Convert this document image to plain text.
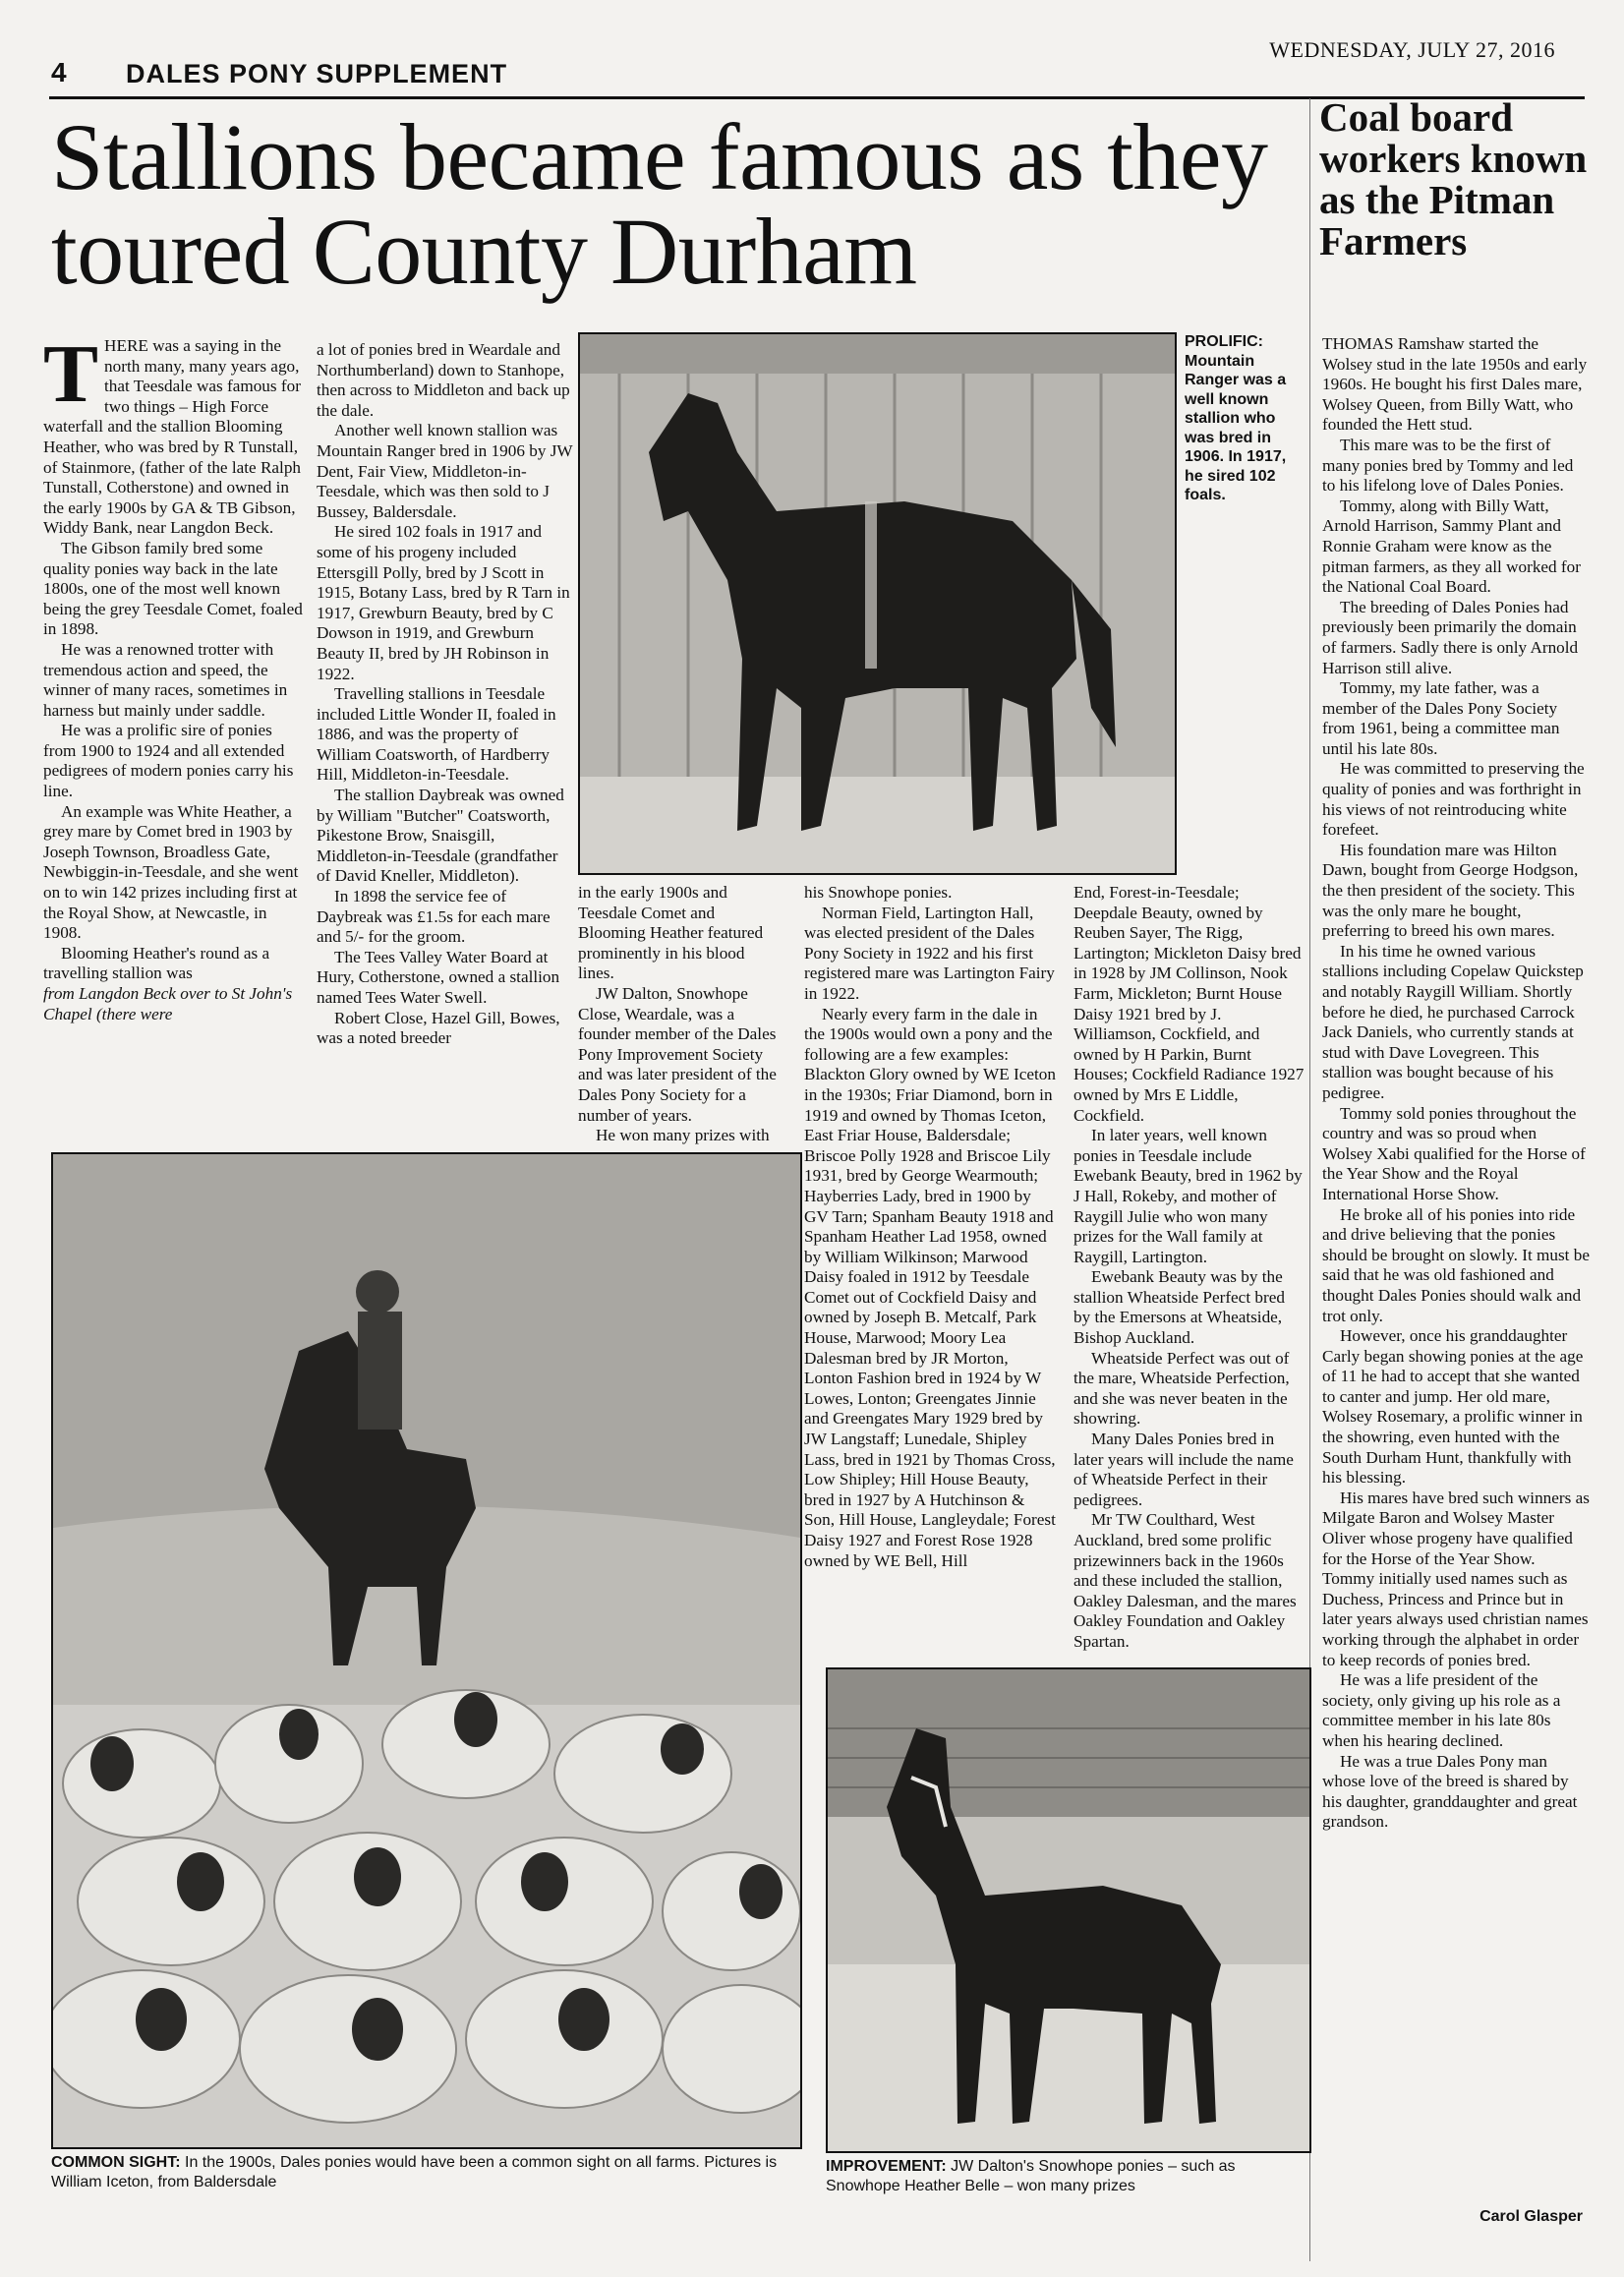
4 DALES PONY SUPPLEMENT
WEDNESDAY, JULY 27, 2016
Stallions became famous as they toured County Durham

THERE was a saying in the north many, many years ago, that Teesdale was famous for two things – High Force waterfall and the stallion Blooming Heather, who was bred by R Tunstall, of Stainmore, (father of the late Ralph Tunstall, Cotherstone) and owned in the early 1900s by GA & TB Gibson, Widdy Bank, near Langdon Beck.

The Gibson family bred some quality ponies way back in the late 1800s, one of the most well known being the grey Teesdale Comet, foaled in 1898.

He was a renowned trotter with tremendous action and speed, the winner of many races, sometimes in harness but mainly under saddle.

He was a prolific sire of ponies from 1900 to 1924 and all extended pedigrees of modern ponies carry his line.

An example was White Heather, a grey mare by Comet bred in 1903 by Joseph Townson, Broadless Gate, Newbiggin-in-Teesdale, and she went on to win 142 prizes including first at the Royal Show, at Newcastle, in 1908.

Blooming Heather's round as a travelling stallion was

from Langdon Beck over to St John's Chapel (there were

a lot of ponies bred in Weardale and Northumberland) down to Stanhope, then across to Middleton and back up the dale.

Another well known stallion was Mountain Ranger bred in 1906 by JW Dent, Fair View, Middleton-in-Teesdale, which was then sold to J Bussey, Baldersdale.

He sired 102 foals in 1917 and some of his progeny included Ettersgill Polly, bred by J Scott in 1915, Botany Lass, bred by R Tarn in 1917, Grewburn Beauty, bred by C Dowson in 1919, and Grewburn Beauty II, bred by JH Robinson in 1922.

Travelling stallions in Teesdale included Little Wonder II, foaled in 1886, and was the property of William Coatsworth, of Hardberry Hill, Middleton-in-Teesdale.

The stallion Daybreak was owned by William "Butcher" Coatsworth, Pikestone Brow, Snaisgill, Middleton-in-Teesdale (grandfather of David Kneller, Middleton).

In 1898 the service fee of Daybreak was £1.5s for each mare and 5/- for the groom.

The Tees Valley Water Board at Hury, Cotherstone, owned a stallion named Tees Water Swell.

Robert Close, Hazel Gill, Bowes, was a noted breeder

PROLIFIC: Mountain Ranger was a well known stallion who was bred in 1906. In 1917, he sired 102 foals.

in the early 1900s and Teesdale Comet and Blooming Heather featured prominently in his blood lines.

JW Dalton, Snowhope Close, Weardale, was a founder member of the Dales Pony Improvement Society and was later president of the Dales Pony Society for a number of years.

He won many prizes with

his Snowhope ponies.

Norman Field, Lartington Hall, was elected president of the Dales Pony Society in 1922 and his first registered mare was Lartington Fairy in 1922.

Nearly every farm in the dale in the 1900s would own a pony and the following are a few examples: Blackton Glory owned by WE Iceton in the 1930s; Friar Diamond, born in 1919 and owned by Thomas Iceton, East Friar House, Baldersdale; Briscoe Polly 1928 and Briscoe Lily 1931, bred by George Wearmouth; Hayberries Lady, bred in 1900 by GV Tarn; Spanham Beauty 1918 and Spanham Heather Lad 1958, owned by William Wilkinson; Marwood Daisy foaled in 1912 by Teesdale Comet out of Cockfield Daisy and owned by Joseph B. Metcalf, Park House, Marwood; Moory Lea Dalesman bred by JR Morton, Lonton Fashion bred in 1924 by W Lowes, Lonton; Greengates Jinnie and Greengates Mary 1929 bred by JW Langstaff; Lunedale, Shipley Lass, bred in 1921 by Thomas Cross, Low Shipley; Hill House Beauty, bred in 1927 by A Hutchinson & Son, Hill House, Langleydale; Forest Daisy 1927 and Forest Rose 1928 owned by WE Bell, Hill

End, Forest-in-Teesdale; Deepdale Beauty, owned by Reuben Sayer, The Rigg, Lartington; Mickleton Daisy bred in 1928 by JM Collinson, Nook Farm, Mickleton; Burnt House Daisy 1921 bred by J. Williamson, Cockfield, and owned by H Parkin, Burnt Houses; Cockfield Radiance 1927 owned by Mrs E Liddle, Cockfield.

In later years, well known ponies in Teesdale include Ewebank Beauty, bred in 1962 by J Hall, Rokeby, and mother of Raygill Julie who won many prizes for the Wall family at Raygill, Lartington.

Ewebank Beauty was by the stallion Wheatside Perfect bred by the Emersons at Wheatside, Bishop Auckland.

Wheatside Perfect was out of the mare, Wheatside Perfection, and she was never beaten in the showring.

Many Dales Ponies bred in later years will include the name of Wheatside Perfect in their pedigrees.

Mr TW Coulthard, West Auckland, bred some prolific prizewinners back in the 1960s and these included the stallion, Oakley Dalesman, and the mares Oakley Foundation and Oakley Spartan.

COMMON SIGHT: In the 1900s, Dales ponies would have been a common sight on all farms. Pictures is William Iceton, from Baldersdale
IMPROVEMENT: JW Dalton's Snowhope ponies – such as Snowhope Heather Belle – won many prizes
Coal board workers known as the Pitman Farmers

THOMAS Ramshaw started the Wolsey stud in the late 1950s and early 1960s. He bought his first Dales mare, Wolsey Queen, from Billy Watt, who founded the Hett stud.

This mare was to be the first of many ponies bred by Tommy and led to his lifelong love of Dales Ponies.

Tommy, along with Billy Watt, Arnold Harrison, Sammy Plant and Ronnie Graham were know as the pitman farmers, as they all worked for the National Coal Board.

The breeding of Dales Ponies had previously been primarily the domain of farmers. Sadly there is only Arnold Harrison still alive.

Tommy, my late father, was a member of the Dales Pony Society from 1961, being a committee man until his late 80s.

He was committed to preserving the quality of ponies and was forthright in his views of not reintroducing white forefeet.

His foundation mare was Hilton Dawn, bought from George Hodgson, the then president of the society. This was the only mare he bought, preferring to breed his own mares.

In his time he owned various stallions including Copelaw Quickstep and notably Raygill William. Shortly before he died, he purchased Carrock Jack Daniels, who currently stands at stud with Dave Lovegreen. This stallion was bought because of his pedigree.

Tommy sold ponies throughout the country and was so proud when Wolsey Xabi qualified for the Horse of the Year Show and the Royal International Horse Show.

He broke all of his ponies into ride and drive believing that the ponies should be brought on slowly. It must be said that he was old fashioned and thought Dales Ponies should walk and trot only.

However, once his granddaughter Carly began showing ponies at the age of 11 he had to accept that she wanted to canter and jump. Her old mare, Wolsey Rosemary, a prolific winner in the showring, even hunted with the South Durham Hunt, thankfully with his blessing.

His mares have bred such winners as Milgate Baron and Wolsey Master Oliver whose progeny have qualified for the Horse of the Year Show. Tommy initially used names such as Duchess, Princess and Prince but in later years always used christian names working through the alphabet in order to keep records of ponies bred.

He was a life president of the society, only giving up his role as a committee member in his late 80s when his hearing declined.

He was a true Dales Pony man whose love of the breed is shared by his daughter, granddaughter and great grandson.

Carol Glasper
